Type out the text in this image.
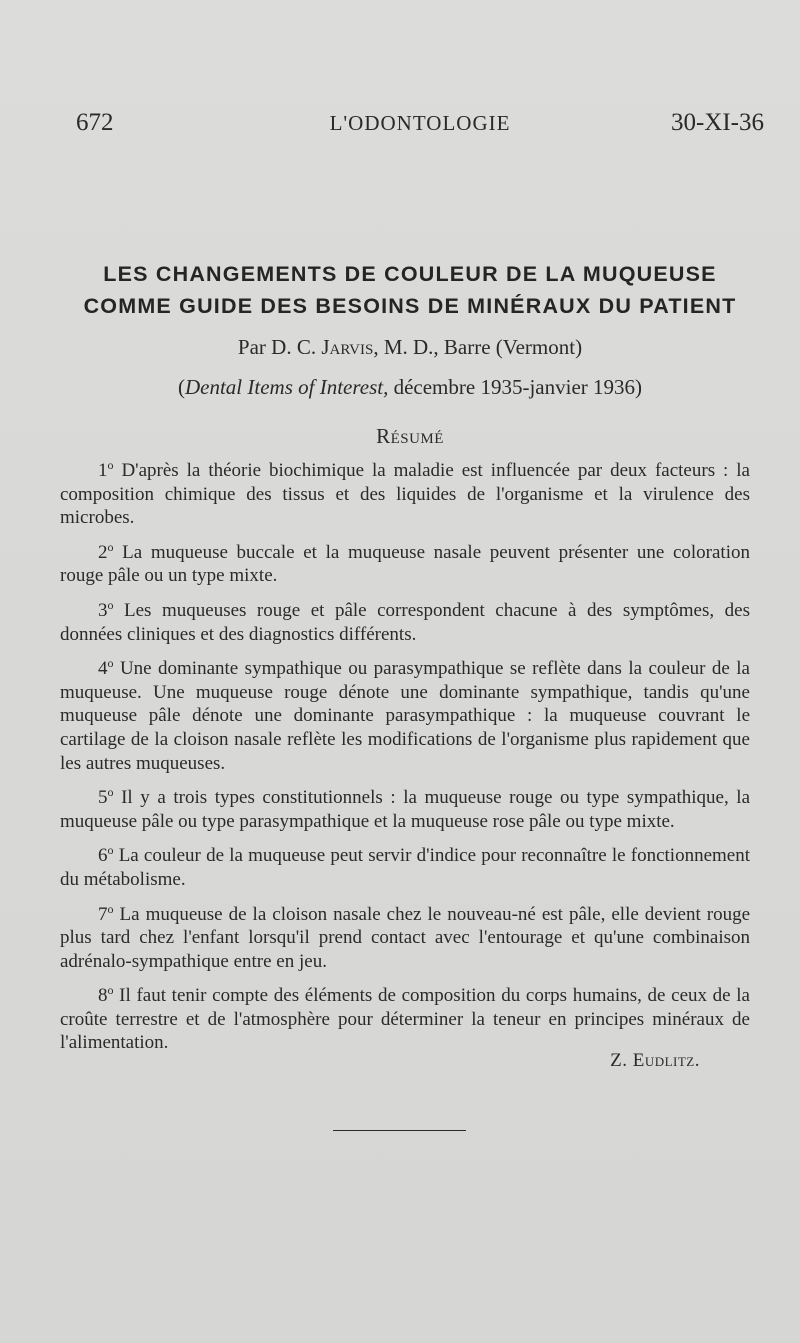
672	L'ODONTOLOGIE	30-XI-36
LES CHANGEMENTS DE COULEUR DE LA MUQUEUSE
COMME GUIDE DES BESOINS DE MINÉRAUX DU PATIENT
Par D. C. Jarvis, M. D., Barre (Vermont)
(Dental Items of Interest, décembre 1935-janvier 1936)
Résumé

1$^o$ D'après la théorie biochimique la maladie est influencée par deux facteurs : la composition chimique des tissus et des liquides de l'organisme et la virulence des microbes.

2$^o$ La muqueuse buccale et la muqueuse nasale peuvent présenter une coloration rouge pâle ou un type mixte.

3$^o$ Les muqueuses rouge et pâle correspondent chacune à des symptômes, des données cliniques et des diagnostics différents.

4$^o$ Une dominante sympathique ou parasympathique se reflète dans la couleur de la muqueuse. Une muqueuse rouge dénote une dominante sympathique, tandis qu'une muqueuse pâle dénote une dominante parasympathique : la muqueuse couvrant le cartilage de la cloison nasale reflète les modifications de l'organisme plus rapidement que les autres muqueuses.

5$^o$ Il y a trois types constitutionnels : la muqueuse rouge ou type sympathique, la muqueuse pâle ou type parasympathique et la muqueuse rose pâle ou type mixte.

6$^o$ La couleur de la muqueuse peut servir d'indice pour reconnaître le fonctionnement du métabolisme.

7$^o$ La muqueuse de la cloison nasale chez le nouveau-né est pâle, elle devient rouge plus tard chez l'enfant lorsqu'il prend contact avec l'entourage et qu'une combinaison adrénalo-sympathique entre en jeu.

8$^o$ Il faut tenir compte des éléments de composition du corps humains, de ceux de la croûte terrestre et de l'atmosphère pour déterminer la teneur en principes minéraux de l'alimentation.

Z. Eudlitz.
